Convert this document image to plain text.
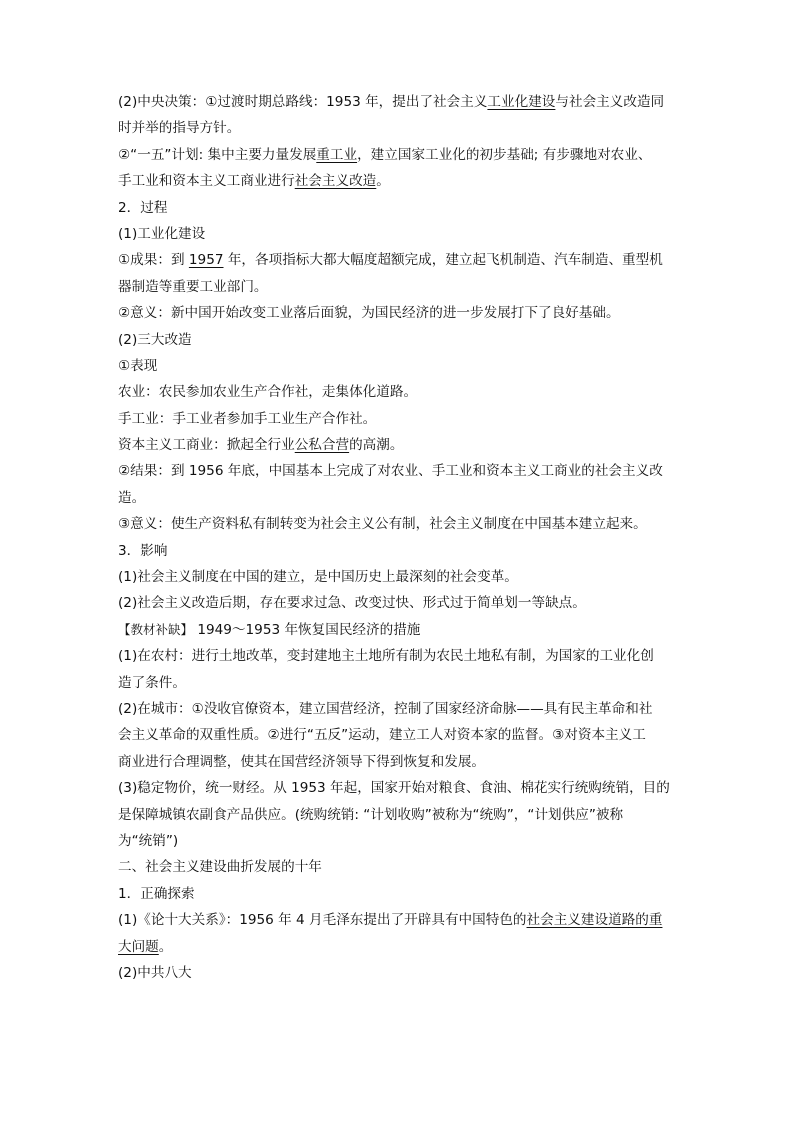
(2)中央决策：①过渡时期总路线：1953 年，提出了社会主义工业化建设与社会主义改造同
时并举的指导方针。
②“一五”计划: 集中主要力量发展重工业，建立国家工业化的初步基础; 有步骤地对农业、
手工业和资本主义工商业进行社会主义改造。
2．过程
(1)工业化建设
①成果：到 1957 年，各项指标大都大幅度超额完成，建立起飞机制造、汽车制造、重型机
器制造等重要工业部门。
②意义：新中国开始改变工业落后面貌，为国民经济的进一步发展打下了良好基础。
(2)三大改造
①表现
农业：农民参加农业生产合作社，走集体化道路。
手工业：手工业者参加手工业生产合作社。
资本主义工商业：掀起全行业公私合营的高潮。
②结果：到 1956 年底，中国基本上完成了对农业、手工业和资本主义工商业的社会主义改
造。
③意义：使生产资料私有制转变为社会主义公有制，社会主义制度在中国基本建立起来。
3．影响
(1)社会主义制度在中国的建立，是中国历史上最深刻的社会变革。
(2)社会主义改造后期，存在要求过急、改变过快、形式过于简单划一等缺点。
【教材补缺】 1949～1953 年恢复国民经济的措施
(1)在农村：进行土地改革，变封建地主土地所有制为农民土地私有制，为国家的工业化创
造了条件。
(2)在城市：①没收官僚资本，建立国营经济，控制了国家经济命脉——具有民主革命和社
会主义革命的双重性质。②进行“五反”运动，建立工人对资本家的监督。③对资本主义工
商业进行合理调整，使其在国营经济领导下得到恢复和发展。
(3)稳定物价，统一财经。从 1953 年起，国家开始对粮食、食油、棉花实行统购统销，目的
是保障城镇农副食产品供应。(统购统销: “计划收购”被称为“统购”，“计划供应”被称
为“统销”)
二、社会主义建设曲折发展的十年
1．正确探索
(1)《论十大关系》：1956 年 4 月毛泽东提出了开辟具有中国特色的社会主义建设道路的重
大问题。
(2)中共八大
